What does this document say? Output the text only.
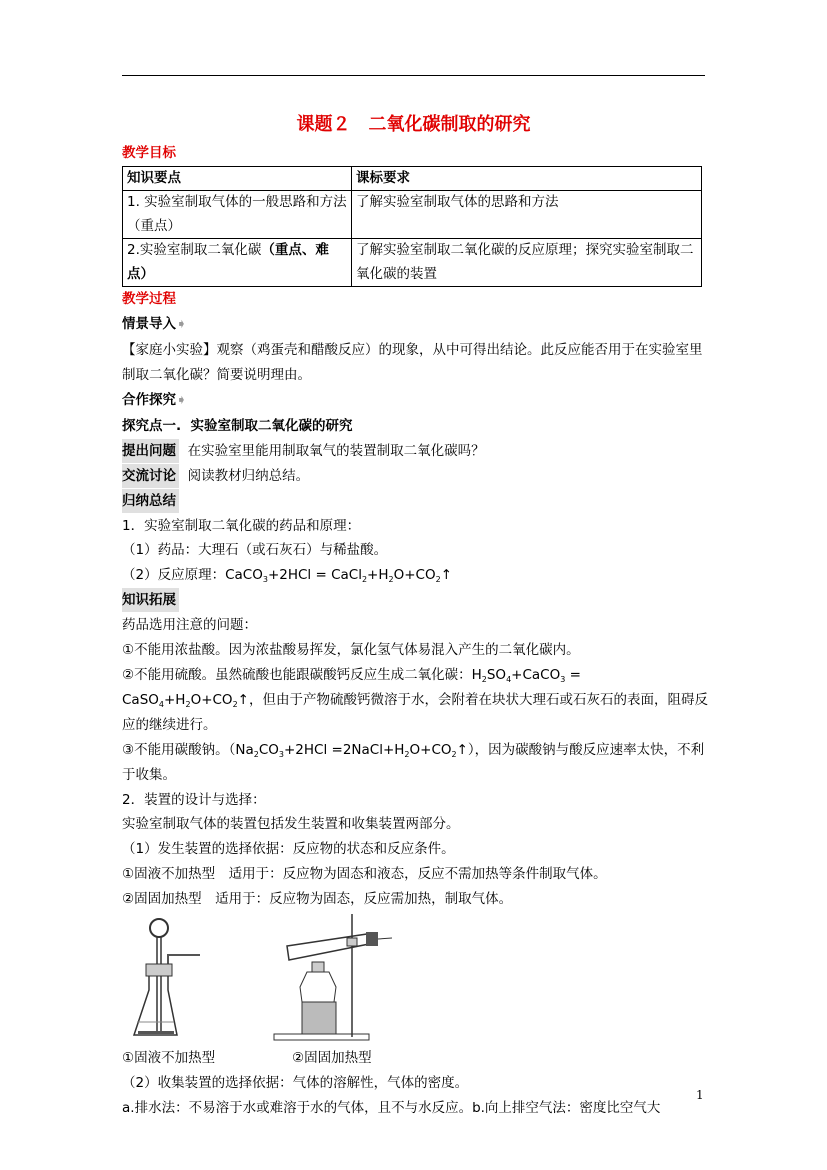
课题２　二氧化碳制取的研究
教学目标
知识要点	课标要求
1. 实验室制取气体的一般思路和方法（重点）	了解实验室制取气体的思路和方法
2.实验室制取二氧化碳（重点、难点）	了解实验室制取二氧化碳的反应原理；探究实验室制取二氧化碳的装置
教学过程
情景导入➧
【家庭小实验】观察（鸡蛋壳和醋酸反应）的现象，从中可得出结论。此反应能否用于在实验室里制取二氧化碳？简要说明理由。
合作探究➧
探究点一. 实验室制取二氧化碳的研究
提出问题 在实验室里能用制取氧气的装置制取二氧化碳吗？
交流讨论 阅读教材归纳总结。
归纳总结
1．实验室制取二氧化碳的药品和原理：
（1）药品：大理石（或石灰石）与稀盐酸。
（2）反应原理：CaCO$_3$+2HCl = $CaCl_2+H_2O+CO_2↑$
知识拓展
药品选用注意的问题：
①不能用浓盐酸。因为浓盐酸易挥发，氯化氢气体易混入产生的二氧化碳内。
②不能用硫酸。虽然硫酸也能跟碳酸钙反应生成二氧化碳：$H_2SO_4+CaCO_3$ = $CaSO_4+H_2O+CO_2↑$，但由于产物硫酸钙微溶于水，会附着在块状大理石或石灰石的表面，阻碍反应的继续进行。
③不能用碳酸钠。（$Na_2CO_3+2HCl$ $=2NaCl+H_2O+CO_2↑$），因为碳酸钠与酸反应速率太快，不利于收集。
2．装置的设计与选择：
实验室制取气体的装置包括发生装置和收集装置两部分。
（1）发生装置的选择依据：反应物的状态和反应条件。
①固液不加热型　适用于：反应物为固态和液态，反应不需加热等条件制取气体。
②固固加热型　适用于：反应物为固态，反应需加热，制取气体。
①固液不加热型	②固固加热型
（2）收集装置的选择依据：气体的溶解性，气体的密度。
a.排水法：不易溶于水或难溶于水的气体，且不与水反应。b.向上排空气法：密度比空气大
1
